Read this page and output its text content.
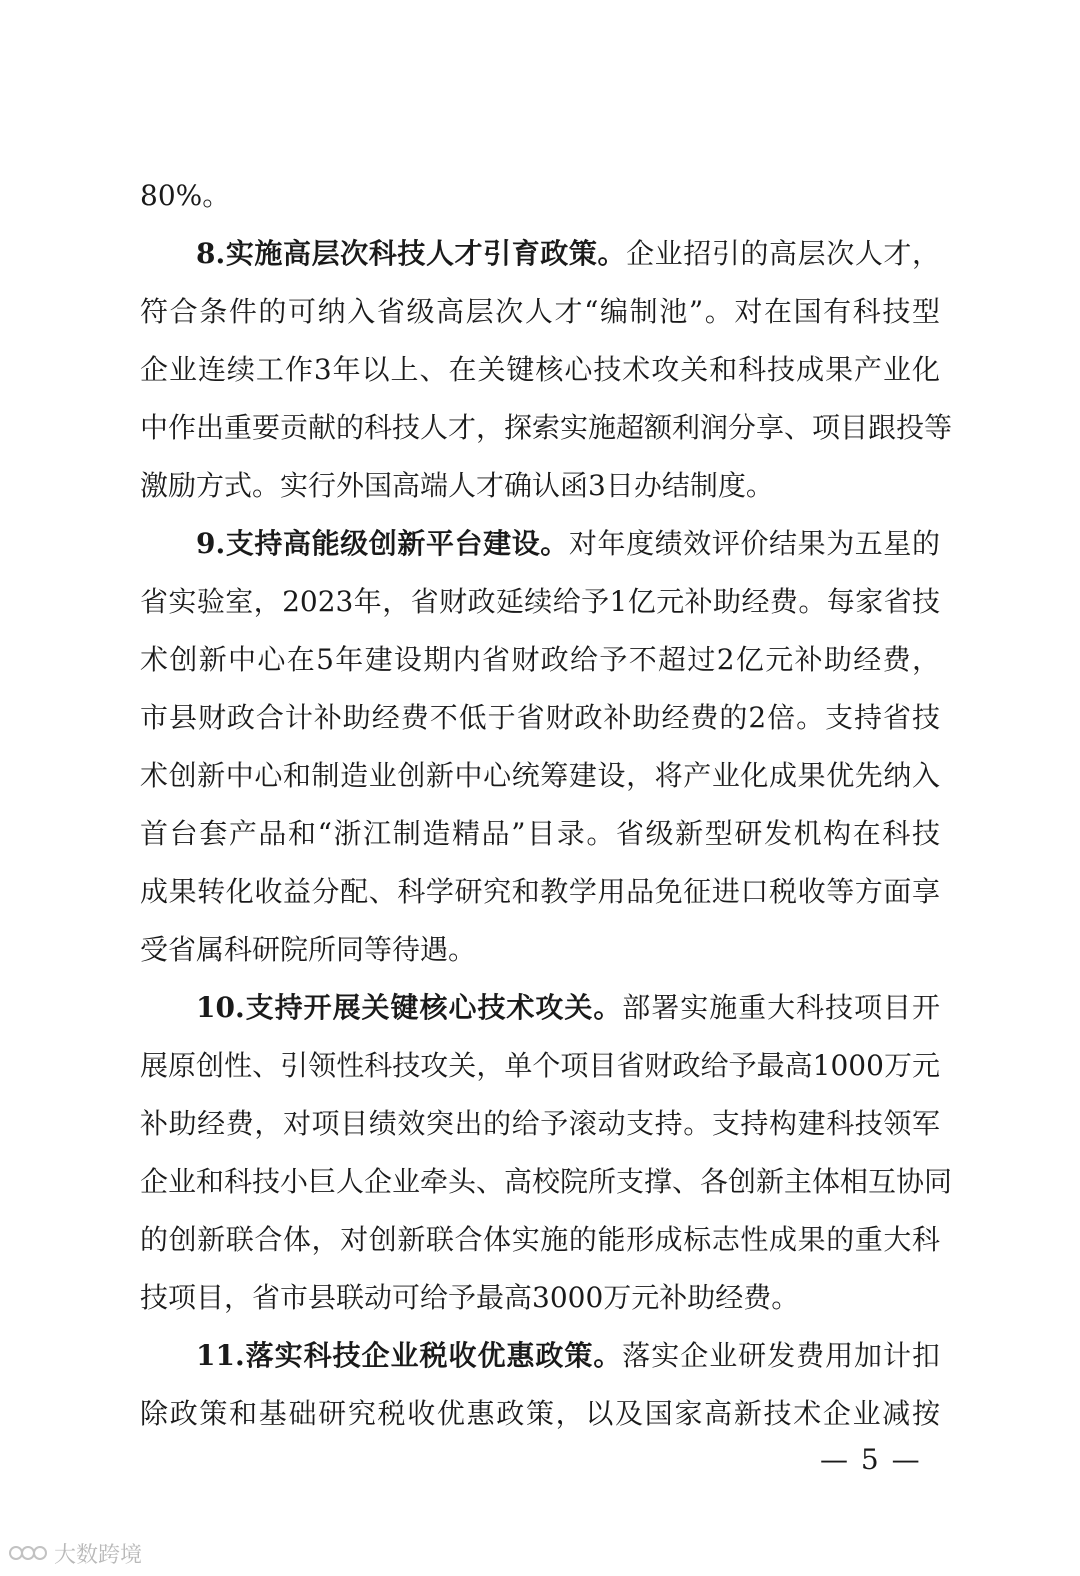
80%。
8.实施高层次科技人才引育政策。企业招引的高层次人才，
符合条件的可纳入省级高层次人才“编制池”。对在国有科技型
企业连续工作3年以上、在关键核心技术攻关和科技成果产业化
中作出重要贡献的科技人才，探索实施超额利润分享、项目跟投等
激励方式。实行外国高端人才确认函3日办结制度。
9.支持高能级创新平台建设。对年度绩效评价结果为五星的
省实验室，2023年，省财政延续给予1亿元补助经费。每家省技
术创新中心在5年建设期内省财政给予不超过2亿元补助经费，
市县财政合计补助经费不低于省财政补助经费的2倍。支持省技
术创新中心和制造业创新中心统筹建设，将产业化成果优先纳入
首台套产品和“浙江制造精品”目录。省级新型研发机构在科技
成果转化收益分配、科学研究和教学用品免征进口税收等方面享
受省属科研院所同等待遇。
10.支持开展关键核心技术攻关。部署实施重大科技项目开
展原创性、引领性科技攻关，单个项目省财政给予最高1000万元
补助经费，对项目绩效突出的给予滚动支持。支持构建科技领军
企业和科技小巨人企业牵头、高校院所支撑、各创新主体相互协同
的创新联合体，对创新联合体实施的能形成标志性成果的重大科
技项目，省市县联动可给予最高3000万元补助经费。
11.落实科技企业税收优惠政策。落实企业研发费用加计扣
除政策和基础研究税收优惠政策，以及国家高新技术企业减按
— 5 —
大数跨境
